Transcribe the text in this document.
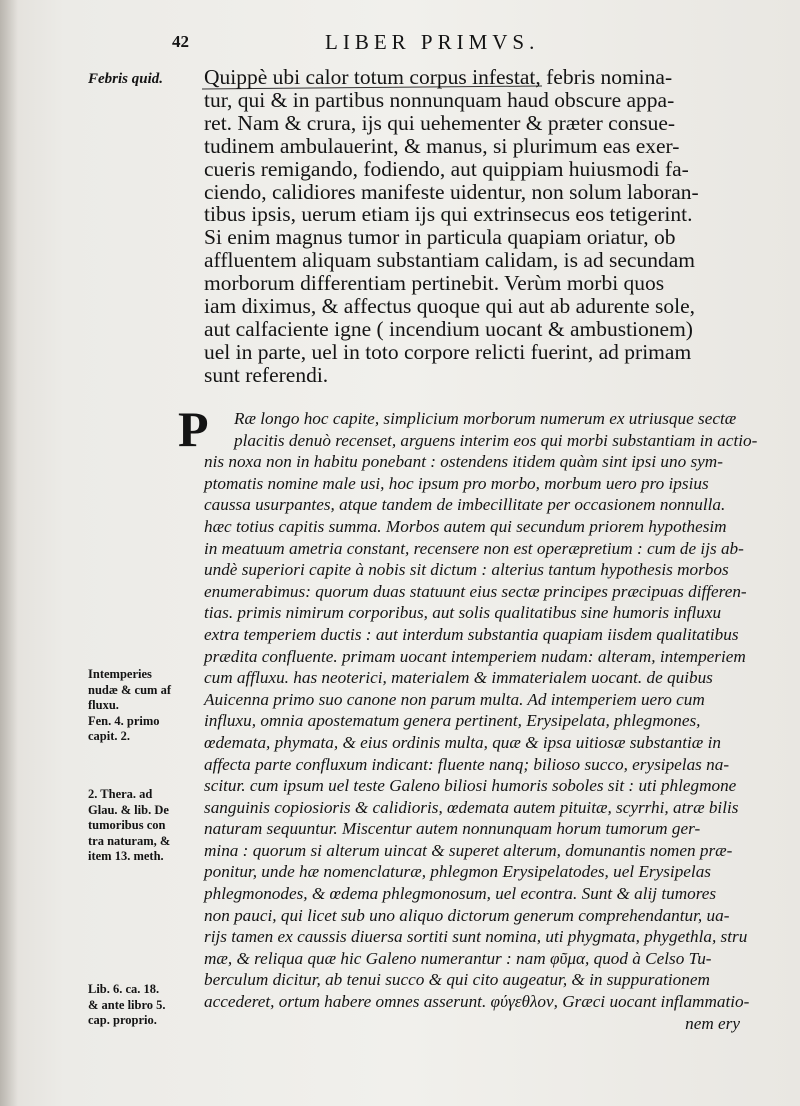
42	LIBER PRIMVS.
Febris quid.	Quippè ubi calor totum corpus infestat, febris nomina-
tur, qui & in partibus nonnunquam haud obscure appa-
ret. Nam & crura, ijs qui uehementer & præter consue-
tudinem ambulauerint, & manus, si plurimum eas exer-
cueris remigando, fodiendo, aut quippiam huiusmodi fa-
ciendo, calidiores manifeste uidentur, non solum laboran-
tibus ipsis, uerum etiam ijs qui extrinsecus eos tetigerint.
Si enim magnus tumor in particula quapiam oriatur, ob
affluentem aliquam substantiam calidam, is ad secundam
morborum differentiam pertinebit. Verùm morbi quos
iam diximus, & affectus quoque qui aut ab adurente sole,
aut calfaciente igne ( incendium uocant & ambustionem)
uel in parte, uel in toto corpore relicti fuerint, ad primam
sunt referendi.
P	Ræ longo hoc capite, simplicium morborum numerum ex utriusque sectæ
placitis denuò recenset, arguens interim eos qui morbi substantiam in actio-
nis noxa non in habitu ponebant : ostendens itidem quàm sint ipsi uno sym-
ptomatis nomine male usi, hoc ipsum pro morbo, morbum uero pro ipsius
caussa usurpantes, atque tandem de imbecillitate per occasionem nonnulla.
hæc totius capitis summa. Morbos autem qui secundum priorem hypothesim
in meatuum ametria constant, recensere non est operæpretium : cum de ijs ab-
undè superiori capite à nobis sit dictum : alterius tantum hypothesis morbos
enumerabimus: quorum duas statuunt eius sectæ principes præcipuas differen-
tias. primis nimirum corporibus, aut solis qualitatibus sine humoris influxu
extra temperiem ductis : aut interdum substantia quapiam iisdem qualitatibus
prædita confluente. primam uocant intemperiem nudam: alteram, intemperiem
cum affluxu. has neoterici, materialem & immaterialem uocant. de quibus
Auicenna primo suo canone non parum multa. Ad intemperiem uero cum
influxu, omnia apostematum genera pertinent, Erysipelata, phlegmones,
œdemata, phymata, & eius ordinis multa, quæ & ipsa uitiosæ substantiæ in
affecta parte confluxum indicant: fluente nanq; bilioso succo, erysipelas na-
scitur. cum ipsum uel teste Galeno biliosi humoris soboles sit : uti phlegmone
sanguinis copiosioris & calidioris, œdemata autem pituitæ, scyrrhi, atræ bilis
naturam sequuntur. Miscentur autem nonnunquam horum tumorum ger-
mina : quorum si alterum uincat & superet alterum, domunantis nomen præ-
ponitur, unde hæ nomenclaturæ, phlegmon Erysipelatodes, uel Erysipelas
phlegmonodes, & œdema phlegmonosum, uel econtra. Sunt & alij tumores
non pauci, qui licet sub uno aliquo dictorum generum comprehendantur, ua-
rijs tamen ex caussis diuersa sortiti sunt nomina, uti phygmata, phygethla, stru
mæ, & reliqua quæ hic Galeno numerantur : nam φῦμα, quod à Celso Tu-
berculum dicitur, ab tenui succo & qui cito augeatur, & in suppurationem
accederet, ortum habere omnes asserunt. φύγεθλον, Græci uocant inflammatio-
nem ery
Intemperies
nudæ & cum af
fluxu.
Fen. 4. primo
capit. 2.
2. Thera. ad
Glau. & lib. De
tumoribus con
tra naturam, &
item 13. meth.
Lib. 6. ca. 18.
& ante libro 5.
cap. proprio.
